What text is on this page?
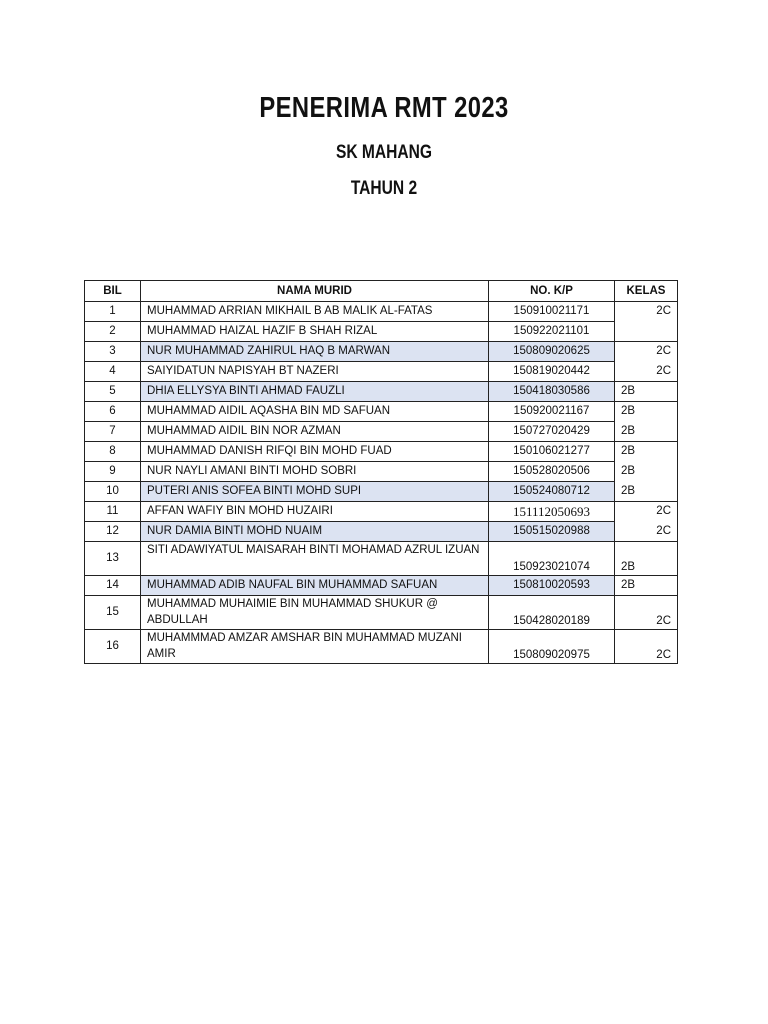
PENERIMA RMT 2023
SK MAHANG
TAHUN 2
BIL	NAMA MURID	NO. K/P	KELAS
1	MUHAMMAD ARRIAN MIKHAIL B AB MALIK AL-FATAS	150910021171	2C

2	MUHAMMAD HAIZAL HAZIF B SHAH RIZAL	150922021101	

3	NUR MUHAMMAD ZAHIRUL HAQ B MARWAN	150809020625	2C

4	SAIYIDATUN NAPISYAH BT NAZERI	150819020442	2C

5	DHIA ELLYSYA BINTI AHMAD FAUZLI	150418030586	2B

6	MUHAMMAD AIDIL AQASHA BIN MD SAFUAN	150920021167	2B

7	MUHAMMAD AIDIL BIN NOR AZMAN	150727020429	2B

8	MUHAMMAD DANISH RIFQI BIN MOHD FUAD	150106021277	2B

9	NUR NAYLI AMANI BINTI MOHD SOBRI	150528020506	2B

10	PUTERI ANIS SOFEA BINTI MOHD SUPI	150524080712	2B

11	AFFAN WAFIY BIN MOHD HUZAIRI	151112050693	2C

12	NUR DAMIA BINTI MOHD NUAIM	150515020988	2C

13	SITI ADAWIYATUL MAISARAH BINTI MOHAMAD AZRUL IZUAN	150923021074	2B

14	MUHAMMAD ADIB NAUFAL BIN MUHAMMAD SAFUAN	150810020593	2B

15	MUHAMMAD MUHAIMIE BIN MUHAMMAD SHUKUR @ ABDULLAH	150428020189	2C

16	MUHAMMMAD AMZAR AMSHAR BIN MUHAMMAD MUZANI AMIR	150809020975	2C
